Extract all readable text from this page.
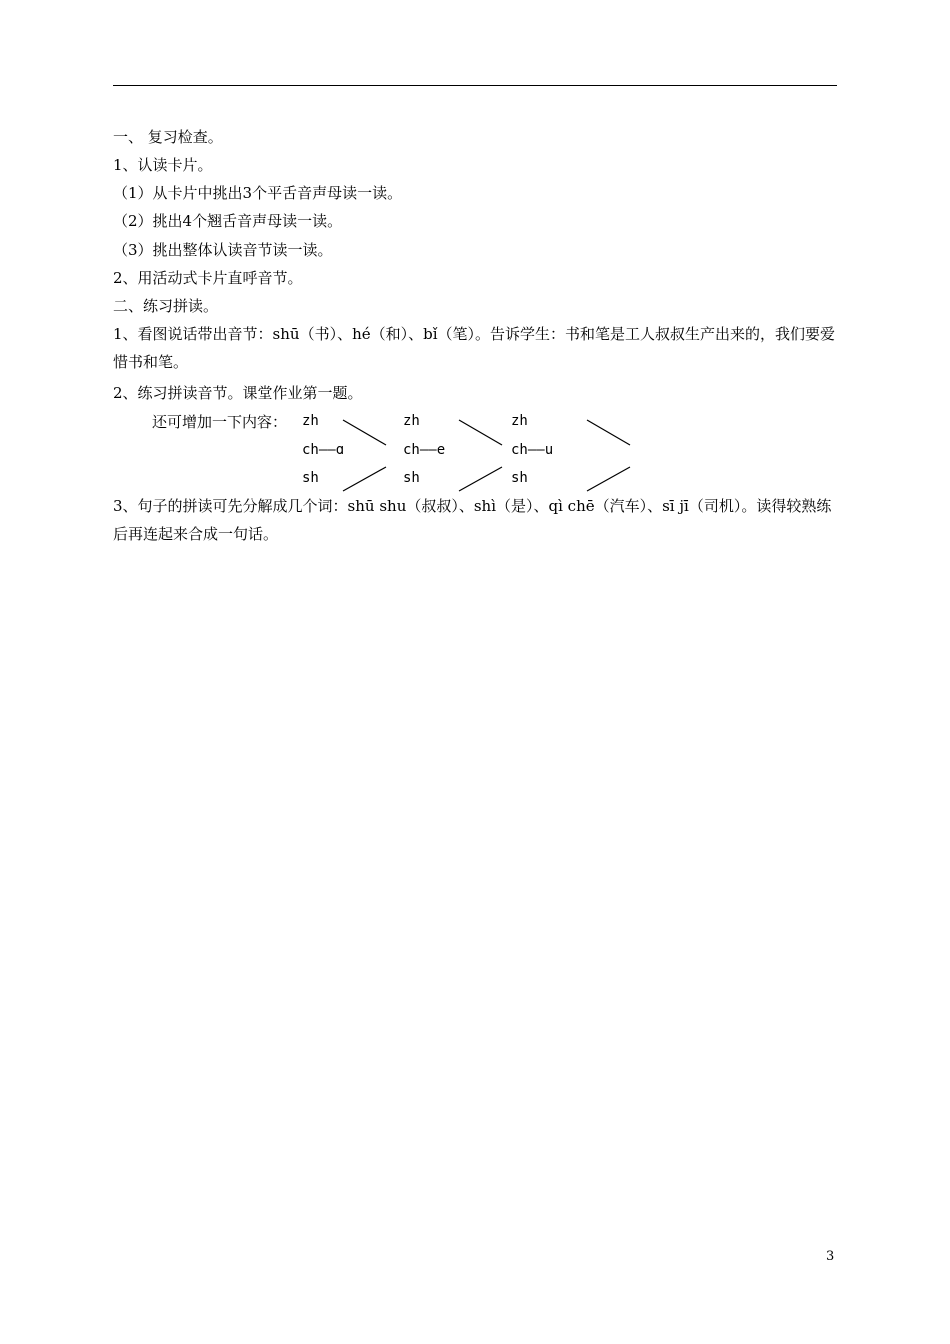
一、 复习检查。
1、认读卡片。
（1）从卡片中挑出3个平舌音声母读一读。
（2）挑出4个翘舌音声母读一读。
（3）挑出整体认读音节读一读。
2、用活动式卡片直呼音节。
二、练习拼读。
1、看图说话带出音节：shū（书）、hé（和）、bǐ（笔）。告诉学生：书和笔是工人叔叔生产出来的，我们要爱惜书和笔。
2、练习拼读音节。课堂作业第一题。
还可增加一下内容： zh
ch——ɑ
sh
zh
ch——e
sh
zh
ch——u
sh
3、句子的拼读可先分解成几个词：shū shu（叔叔）、shì（是）、qì chē（汽车）、sī jī（司机）。读得较熟练后再连起来合成一句话。
3
